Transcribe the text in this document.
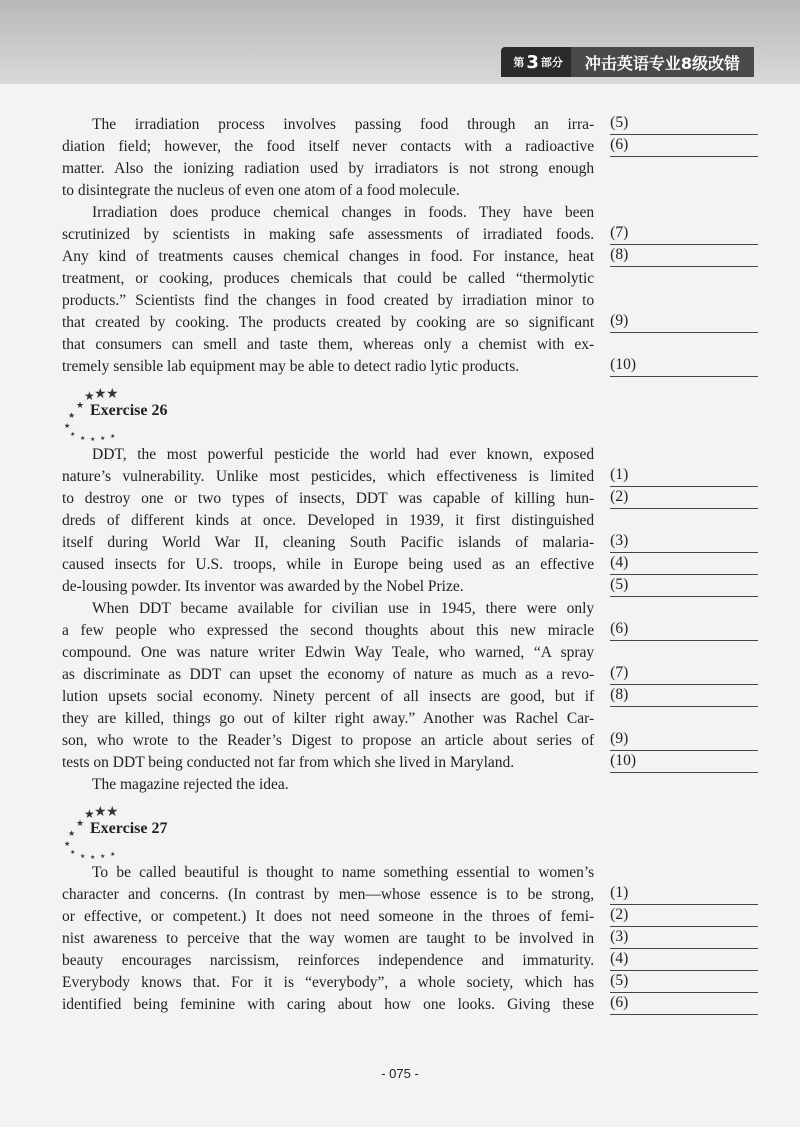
第 3 部分	冲击英语专业8级改错
The irradiation process involves passing food through an irra- (5)
diation field; however, the food itself never contacts with a radioactive (6)
matter. Also the ionizing radiation used by irradiators is not strong enough
to disintegrate the nucleus of even one atom of a food molecule.
Irradiation does produce chemical changes in foods. They have been
scrutinized by scientists in making safe assessments of irradiated foods. (7)
Any kind of treatments causes chemical changes in food. For instance, heat (8)
treatment, or cooking, produces chemicals that could be called “thermolytic
products.” Scientists find the changes in food created by irradiation minor to
that created by cooking. The products created by cooking are so significant (9)
that consumers can smell and taste them, whereas only a chemist with ex-
tremely sensible lab equipment may be able to detect radio lytic products.	(10)
★ ★ ★
★
★
★
★
★ ★ ★ ★
Exercise 26
DDT, the most powerful pesticide the world had ever known, exposed
nature’s vulnerability. Unlike most pesticides, which effectiveness is limited (1)
to destroy one or two types of insects, DDT was capable of killing hun- (2)
dreds of different kinds at once. Developed in 1939, it first distinguished
itself during World War II, cleaning South Pacific islands of malaria- (3)
caused insects for U.S. troops, while in Europe being used as an effective (4)
de-lousing powder. Its inventor was awarded by the Nobel Prize.	(5)
When DDT became available for civilian use in 1945, there were only
a few people who expressed the second thoughts about this new miracle (6)
compound. One was nature writer Edwin Way Teale, who warned, “A spray
as discriminate as DDT can upset the economy of nature as much as a revo- (7)
lution upsets social economy. Ninety percent of all insects are good, but if (8)
they are killed, things go out of kilter right away.” Another was Rachel Car-
son, who wrote to the Reader’s Digest to propose an article about series of (9)
tests on DDT being conducted not far from which she lived in Maryland.	(10)
The magazine rejected the idea.
★ ★ ★
★
★
★
★
★ ★ ★ ★
Exercise 27
To be called beautiful is thought to name something essential to women’s
character and concerns. (In contrast by men—whose essence is to be strong, (1)
or effective, or competent.) It does not need someone in the throes of femi- (2)
nist awareness to perceive that the way women are taught to be involved in (3)
beauty encourages narcissism, reinforces independence and immaturity. (4)
Everybody knows that. For it is “everybody”, a whole society, which has (5)
identified being feminine with caring about how one looks. Giving these (6)
- 075 -
